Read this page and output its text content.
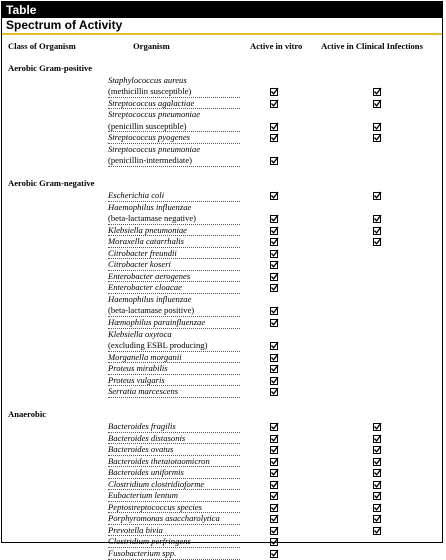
Table
Spectrum of Activity
Class of Organism	Organism	Active in vitro Active in Clinical Infections
Aerobic Gram-positive
Staphylococcus aureus
(methicillin susceptible)
Streptococcus agalactiae
Streptococcus pneumoniae
(penicillin susceptible)
Streptococcus pyogenes
Streptococcus pneumoniae
(penicillin-intermediate)
Aerobic Gram-negative
Escherichia coli
Haemophilus influenzae
(beta-lactamase negative)
Klebsiella pneumoniae
Moraxella catarrhalis
Citrobacter freundii
Citrobacter koseri
Enterobacter aerogenes
Enterobacter cloacae
Haemophilus influenzae
(beta-lactamase positive)
Hæmophilus parainfluenzae
Klebsiella oxytoca
(excluding ESBL producing)
Morganella morganii
Proteus mirabilis
Proteus vulgaris
Serratia marcescens
Anaerobic
Bacteroides fragilis
Bacteroides distasonis
Bacteroides ovatus
Bacteroides thetaiotaomicron
Bacteroides uniformis
Clostridium clostridioforme
Eubacterium lentum
Peptostreptococcus species
Porphyromonas asaccharolytica
Prevotella bivia
Clostridium perfringens
Fusobacterium spp.
